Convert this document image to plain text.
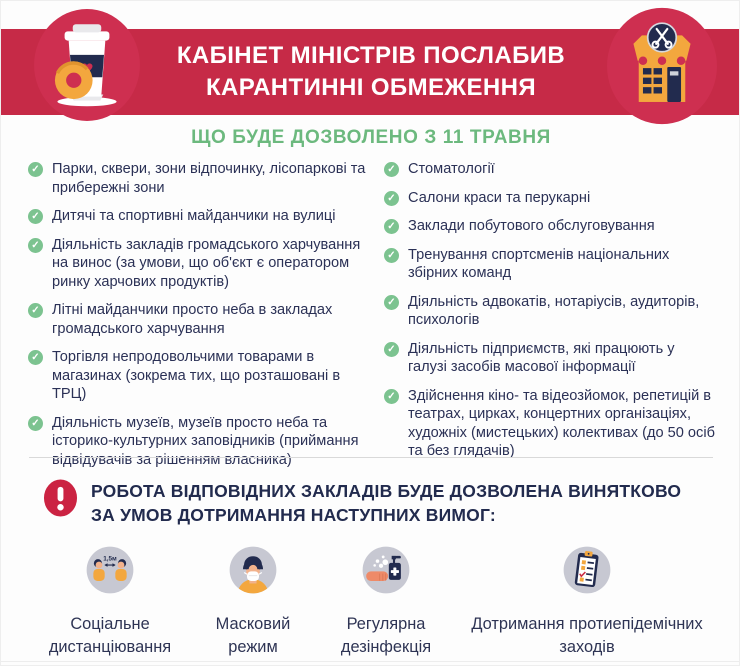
КАБІНЕТ МІНІСТРІВ ПОСЛАБИВ
КАРАНТИННІ ОБМЕЖЕННЯ
ЩО БУДЕ ДОЗВОЛЕНО З 11 ТРАВНЯ
✓ Парки, сквери, зони відпочинку, лісопаркові та прибережні зони
✓ Дитячі та спортивні майданчики на вулиці
✓ Діяльність закладів громадського харчування на винос (за умови, що об'єкт є оператором ринку харчових продуктів)
✓ Літні майданчики просто неба в закладах громадського харчування
✓ Торгівля непродовольчими товарами в магазинах (зокрема тих, що розташовані в ТРЦ)
✓ Діяльність музеїв, музеїв просто неба та історико-культурних заповідників (приймання відвідувачів за рішенням власника)
✓ Стоматології
✓ Салони краси та перукарні
✓ Заклади побутового обслуговування
✓ Тренування спортсменів національних збірних команд
✓ Діяльність адвокатів, нотаріусів, аудиторів, психологів
✓ Діяльність підприємств, які працюють у галузі засобів масової інформації
✓ Здійснення кіно- та відеозйомок, репетицій в театрах, цирках, концертних організаціях, художніх (мистецьких) колективах (до 50 осіб та без глядачів)
РОБОТА ВІДПОВІДНИХ ЗАКЛАДІВ БУДЕ ДОЗВОЛЕНА ВИНЯТКОВО
ЗА УМОВ ДОТРИМАННЯ НАСТУПНИХ ВИМОГ:
1,5м
Соціальне дистанціювання
Масковий режим
Регулярна дезінфекція
Дотримання протиепідемічних заходів
